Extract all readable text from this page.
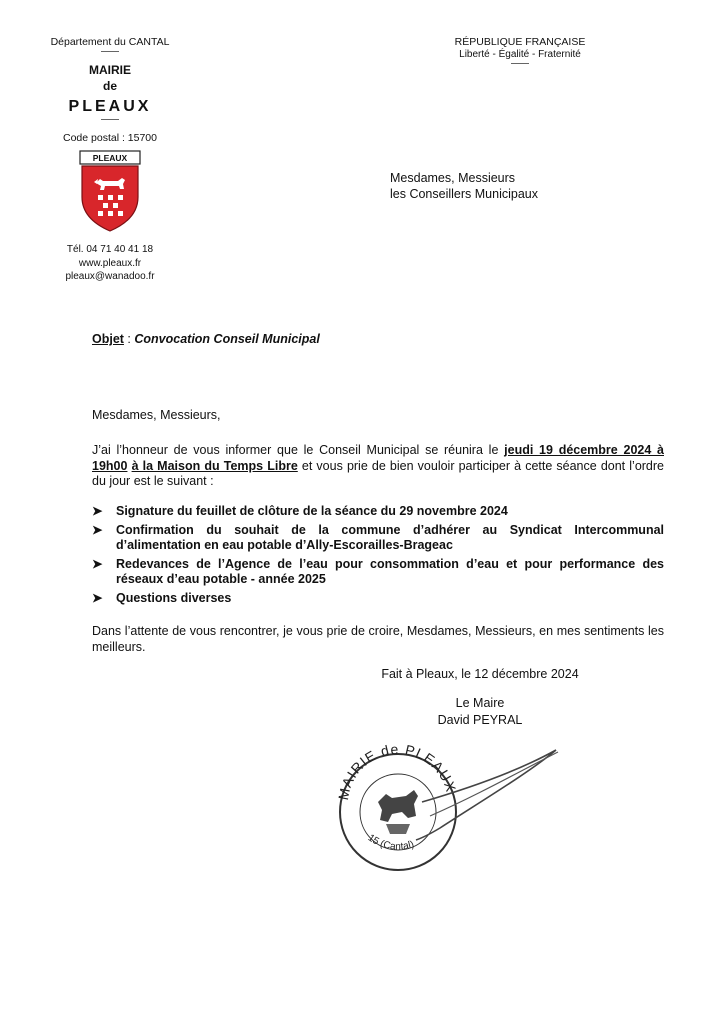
Département du CANTAL
MAIRIE
de
PLEAUX
Code postal : 15700
PLEAUX
Tél. 04 71 40 41 18
www.pleaux.fr
pleaux@wanadoo.fr
RÉPUBLIQUE FRANÇAISE
Liberté - Égalité - Fraternité
Mesdames, Messieurs
les Conseillers Municipaux
Objet : Convocation Conseil Municipal
Mesdames, Messieurs,
J’ai l’honneur de vous informer que le Conseil Municipal se réunira le jeudi 19 décembre 2024 à 19h00 à la Maison du Temps Libre et vous prie de bien vouloir participer à cette séance dont l’ordre du jour est le suivant :
➤ Signature du feuillet de clôture de la séance du 29 novembre 2024
➤ Confirmation du souhait de la commune d’adhérer au Syndicat Intercommunal d’alimentation en eau potable d’Ally-Escorailles-Brageac
➤ Redevances de l’Agence de l’eau pour consommation d’eau et pour performance des réseaux d’eau potable - année 2025
➤ Questions diverses
Dans l’attente de vous rencontrer, je vous prie de croire, Mesdames, Messieurs, en mes sentiments les meilleurs.
Fait à Pleaux, le 12 décembre 2024
Le Maire
David PEYRAL
MAIRIE de PLEAUX
15 (Cantal)
